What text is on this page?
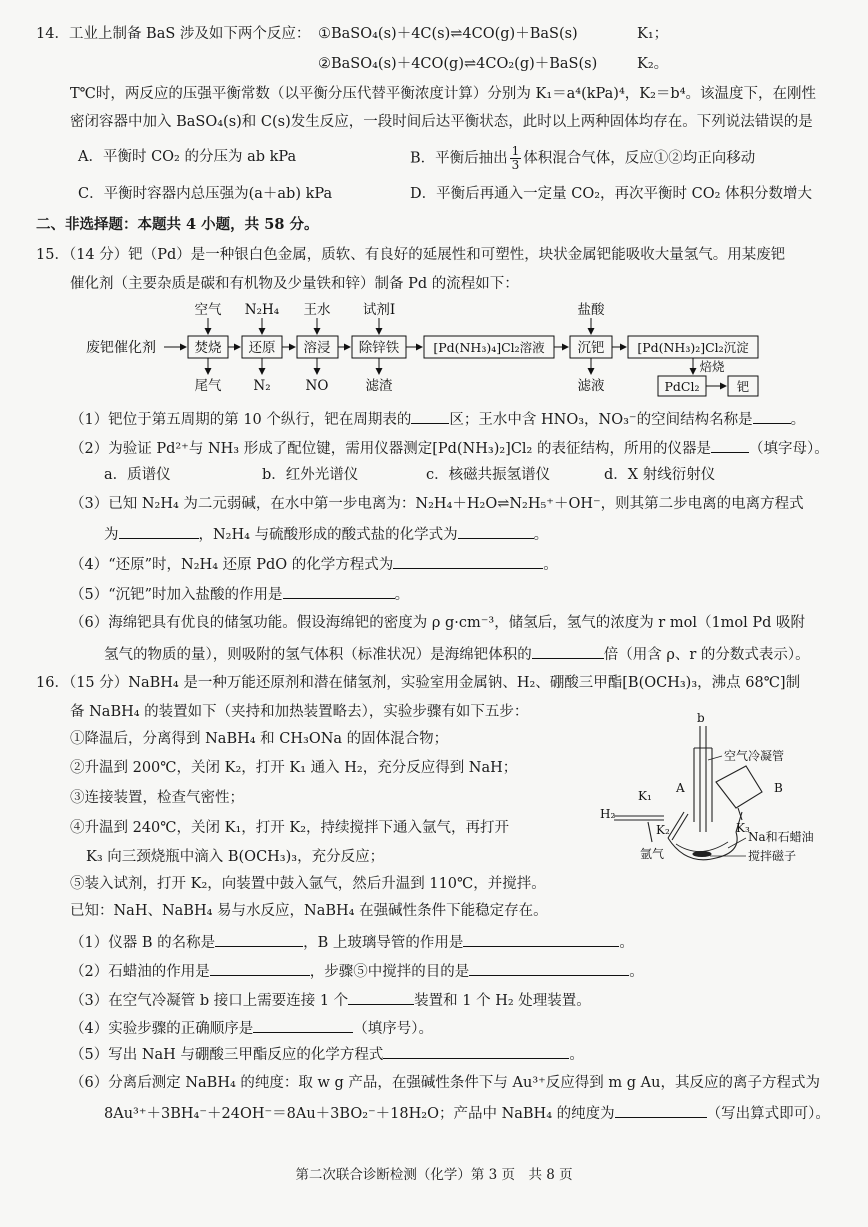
14．工业上制备 BaS 涉及如下两个反应： ①BaSO₄(s)＋4C(s)⇌4CO(g)＋BaS(s)	K₁；
②BaSO₄(s)＋4CO(g)⇌4CO₂(g)＋BaS(s)	K₂。
T℃时，两反应的压强平衡常数（以平衡分压代替平衡浓度计算）分别为 K₁＝a⁴(kPa)⁴，K₂＝b⁴。该温度下，在刚性
密闭容器中加入 BaSO₄(s)和 C(s)发生反应，一段时间后达平衡状态，此时以上两种固体均存在。下列说法错误的是
A．平衡时 CO₂ 的分压为 ab kPa	B．平衡后抽出 $\frac{1}{3}$ 体积混合气体，反应①②均正向移动
C．平衡时容器内总压强为(a＋ab) kPa	D．平衡后再通入一定量 CO₂，再次平衡时 CO₂ 体积分数增大
二、非选择题：本题共 4 小题，共 58 分。
15．（14 分）钯（Pd）是一种银白色金属，质软、有良好的延展性和可塑性，块状金属钯能吸收大量氢气。用某废钯
催化剂（主要杂质是碳和有机物及少量铁和锌）制备 Pd 的流程如下：
废钯催化剂	焚烧 还原 溶浸 除锌铁	[Pd(NH₃)₄]Cl₂溶液 沉钯	[Pd(NH₃)₂]Cl₂沉淀
空气 N₂H₄ 王水 试剂I	盐酸
尾气 N₂	NO	滤渣	滤液
焙烧
PdCl₂	钯
（1）钯位于第五周期的第 10 个纵行，钯在周期表的	区；王水中含 HNO₃，NO₃⁻的空间结构名称是	。
（2）为验证 Pd²⁺与 NH₃ 形成了配位键，需用仪器测定[Pd(NH₃)₂]Cl₂ 的表征结构，所用的仪器是	（填字母）。
a．质谱仪	b．红外光谱仪	c．核磁共振氢谱仪	d．X 射线衍射仪
（3）已知 N₂H₄ 为二元弱碱，在水中第一步电离为：N₂H₄＋H₂O⇌N₂H₅⁺＋OH⁻，则其第二步电离的电离方程式
为	，N₂H₄ 与硫酸形成的酸式盐的化学式为	。
（4）“还原”时，N₂H₄ 还原 PdO 的化学方程式为	。
（5）“沉钯”时加入盐酸的作用是	。
（6）海绵钯具有优良的储氢功能。假设海绵钯的密度为 ρ g·cm⁻³，储氢后，氢气的浓度为 r mol（1mol Pd 吸附
氢气的物质的量），则吸附的氢气体积（标准状况）是海绵钯体积的	倍（用含 ρ、r 的分数式表示）。
16．（15 分）NaBH₄ 是一种万能还原剂和潜在储氢剂，实验室用金属钠、H₂、硼酸三甲酯[B(OCH₃)₃，沸点 68℃]制
备 NaBH₄ 的装置如下（夹持和加热装置略去），实验步骤有如下五步：
①降温后，分离得到 NaBH₄ 和 CH₃ONa 的固体混合物；
②升温到 200℃，关闭 K₂，打开 K₁ 通入 H₂，充分反应得到 NaH；
③连接装置，检查气密性；
④升温到 240℃，关闭 K₁，打开 K₂，持续搅拌下通入氩气，再打开
K₃ 向三颈烧瓶中滴入 B(OCH₃)₃，充分反应；
⑤装入试剂，打开 K₂，向装置中鼓入氩气，然后升温到 110℃，并搅拌。
已知：NaH、NaBH₄ 易与水反应，NaBH₄ 在强碱性条件下能稳定存在。
b
空气冷凝管
A	B
K₁
K₂	K₃
H₂
氩气
Na和石蜡油
搅拌磁子
（1）仪器 B 的名称是	，B 上玻璃导管的作用是	。
（2）石蜡油的作用是	，步骤⑤中搅拌的目的是	。
（3）在空气冷凝管 b 接口上需要连接 1 个	装置和 1 个 H₂ 处理装置。
（4）实验步骤的正确顺序是	（填序号）。
（5）写出 NaH 与硼酸三甲酯反应的化学方程式	。
（6）分离后测定 NaBH₄ 的纯度：取 w g 产品，在强碱性条件下与 Au³⁺反应得到 m g Au，其反应的离子方程式为
8Au³⁺＋3BH₄⁻＋24OH⁻＝8Au＋3BO₂⁻＋18H₂O；产品中 NaBH₄ 的纯度为	（写出算式即可）。
第二次联合诊断检测（化学）第 3 页　共 8 页
